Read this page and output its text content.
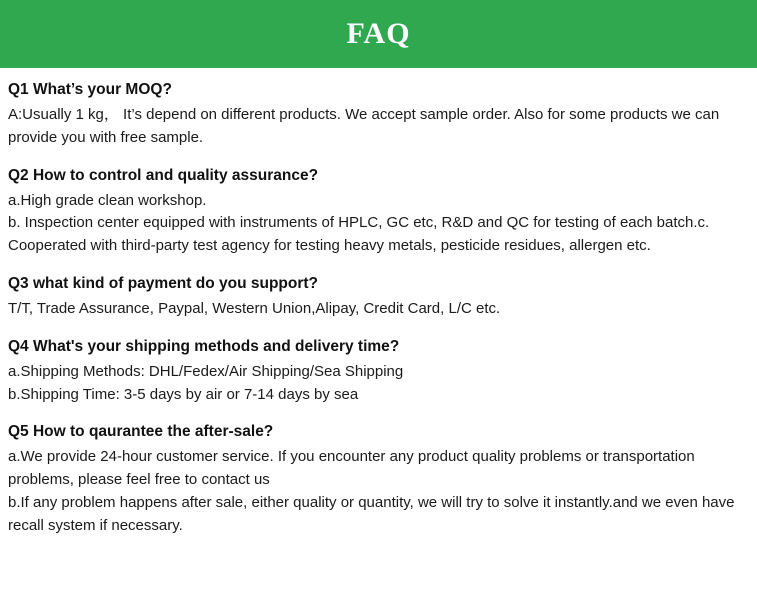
FAQ
Q1 What’s your MOQ?

A:Usually 1 kg， It’s depend on different products. We accept sample order. Also for some products we can provide you with free sample.

Q2 How to control and quality assurance?

a.High grade clean workshop.

b. Inspection center equipped with instruments of HPLC, GC etc, R&D and QC for testing of each batch.c. Cooperated with third-party test agency for testing heavy metals, pesticide residues, allergen etc.

Q3 what kind of payment do you support?

T/T, Trade Assurance, Paypal, Western Union,Alipay, Credit Card, L/C etc.

Q4 What's your shipping methods and delivery time?

a.Shipping Methods: DHL/Fedex/Air Shipping/Sea Shipping

b.Shipping Time: 3-5 days by air or 7-14 days by sea

Q5 How to qaurantee the after-sale?

a.We provide 24-hour customer service. If you encounter any product quality problems or transportation problems, please feel free to contact us

b.If any problem happens after sale, either quality or quantity, we will try to solve it instantly.and we even have recall system if necessary.
